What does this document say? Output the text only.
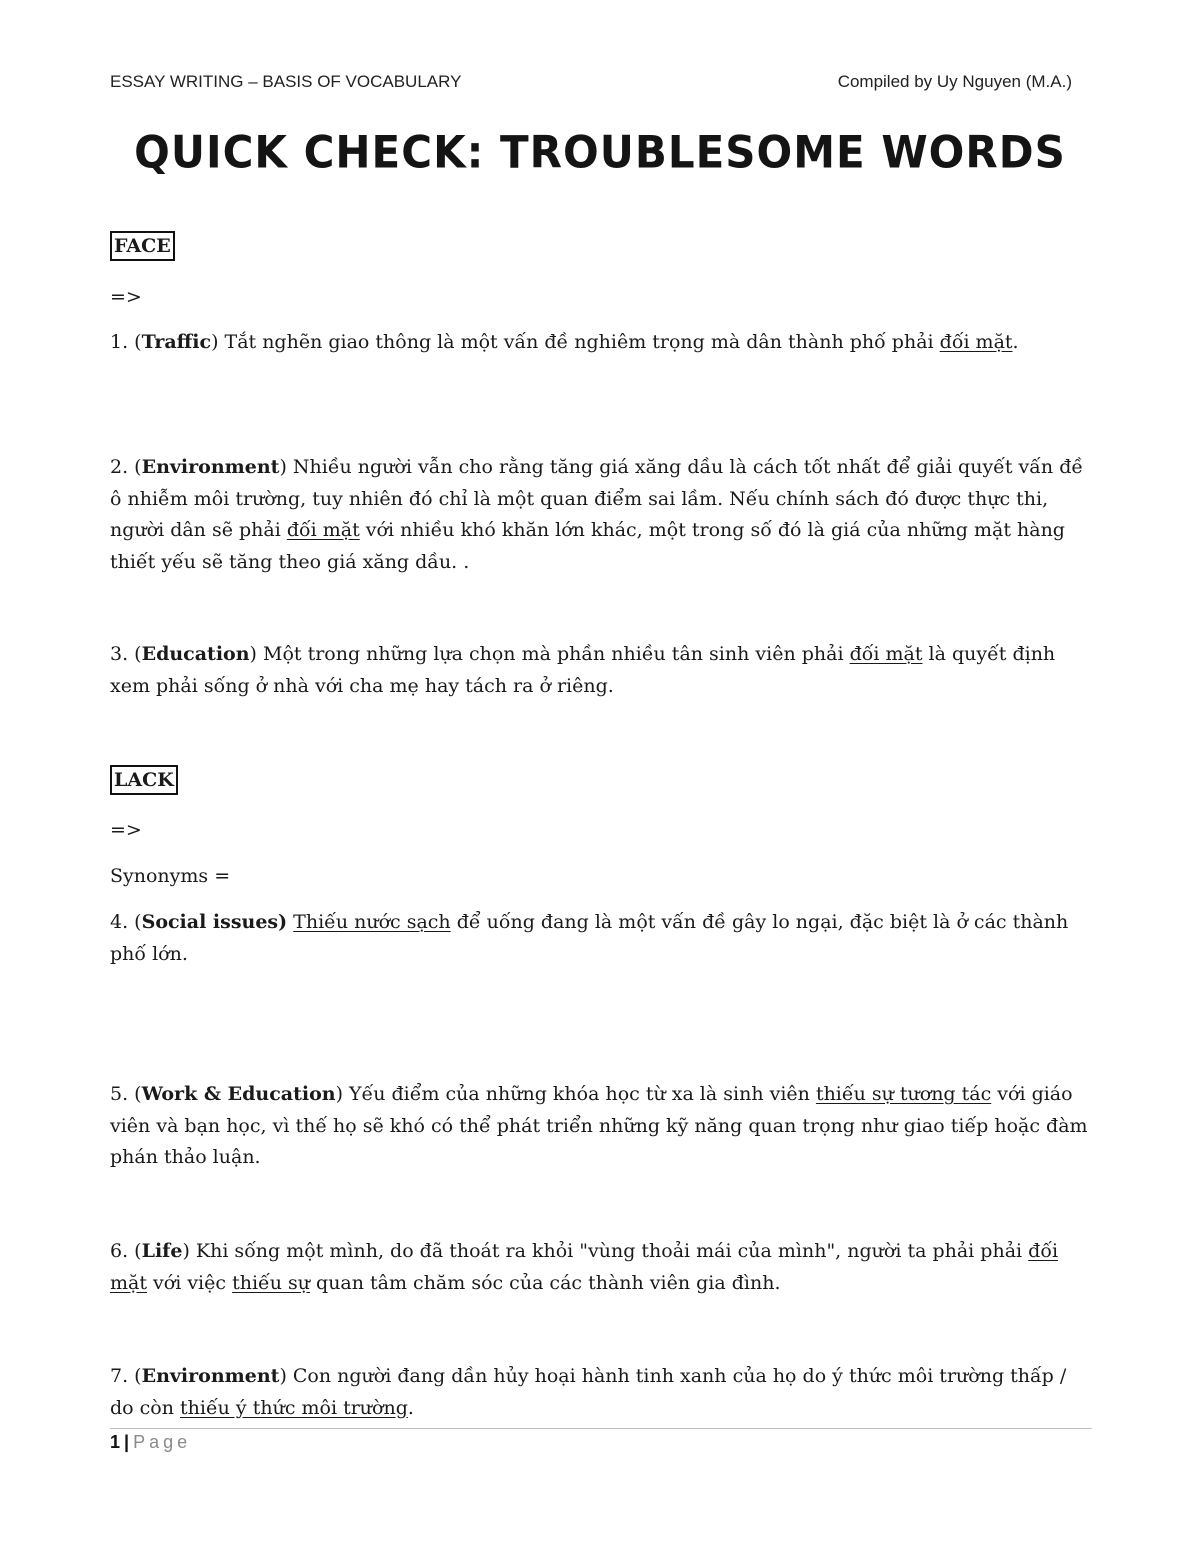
ESSAY WRITING – BASIS OF VOCABULARY	Compiled by Uy Nguyen (M.A.)
QUICK CHECK: TROUBLESOME WORDS
FACE
=>
1. (Traffic) Tắt nghẽn giao thông là một vấn đề nghiêm trọng mà dân thành phố phải đối mặt.
2. (Environment) Nhiều người vẫn cho rằng tăng giá xăng dầu là cách tốt nhất để giải quyết vấn đề ô nhiễm môi trường, tuy nhiên đó chỉ là một quan điểm sai lầm. Nếu chính sách đó được thực thi, người dân sẽ phải đối mặt với nhiều khó khăn lớn khác, một trong số đó là giá của những mặt hàng thiết yếu sẽ tăng theo giá xăng dầu. .
3. (Education) Một trong những lựa chọn mà phần nhiều tân sinh viên phải đối mặt là quyết định xem phải sống ở nhà với cha mẹ hay tách ra ở riêng.
LACK
=>
Synonyms =
4. (Social issues) Thiếu nước sạch để uống đang là một vấn đề gây lo ngại, đặc biệt là ở các thành phố lớn.
5. (Work & Education) Yếu điểm của những khóa học từ xa là sinh viên thiếu sự tương tác với giáo viên và bạn học, vì thế họ sẽ khó có thể phát triển những kỹ năng quan trọng như giao tiếp hoặc đàm phán thảo luận.
6. (Life) Khi sống một mình, do đã thoát ra khỏi "vùng thoải mái của mình", người ta phải phải đối mặt với việc thiếu sự quan tâm chăm sóc của các thành viên gia đình.
7. (Environment) Con người đang dần hủy hoại hành tinh xanh của họ do ý thức môi trường thấp / do còn thiếu ý thức môi trường.
1 | Page
